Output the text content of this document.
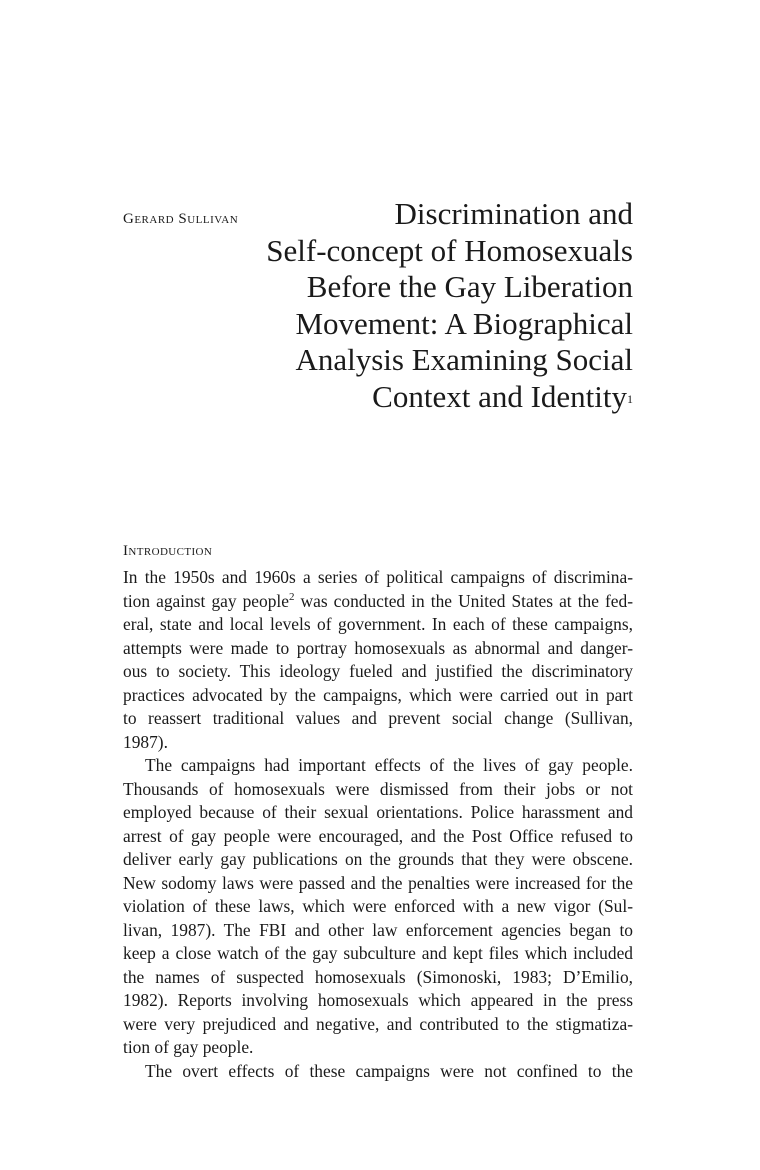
Gerard Sullivan	Discrimination and
Self-concept of Homosexuals
Before the Gay Liberation
Movement: A Biographical
Analysis Examining Social
Context and Identity$^1$
Introduction
In the 1950s and 1960s a series of political campaigns of discrimina-
tion against gay people$^2$ was conducted in the United States at the fed-
eral, state and local levels of government. In each of these campaigns,
attempts were made to portray homosexuals as abnormal and danger-
ous to society. This ideology fueled and justified the discriminatory
practices advocated by the campaigns, which were carried out in part
to reassert traditional values and prevent social change (Sullivan,
1987).
The campaigns had important effects of the lives of gay people.
Thousands of homosexuals were dismissed from their jobs or not
employed because of their sexual orientations. Police harassment and
arrest of gay people were encouraged, and the Post Office refused to
deliver early gay publications on the grounds that they were obscene.
New sodomy laws were passed and the penalties were increased for the
violation of these laws, which were enforced with a new vigor (Sul-
livan, 1987). The FBI and other law enforcement agencies began to
keep a close watch of the gay subculture and kept files which included
the names of suspected homosexuals (Simonoski, 1983; D’Emilio,
1982). Reports involving homosexuals which appeared in the press
were very prejudiced and negative, and contributed to the stigmatiza-
tion of gay people.
The overt effects of these campaigns were not confined to the
